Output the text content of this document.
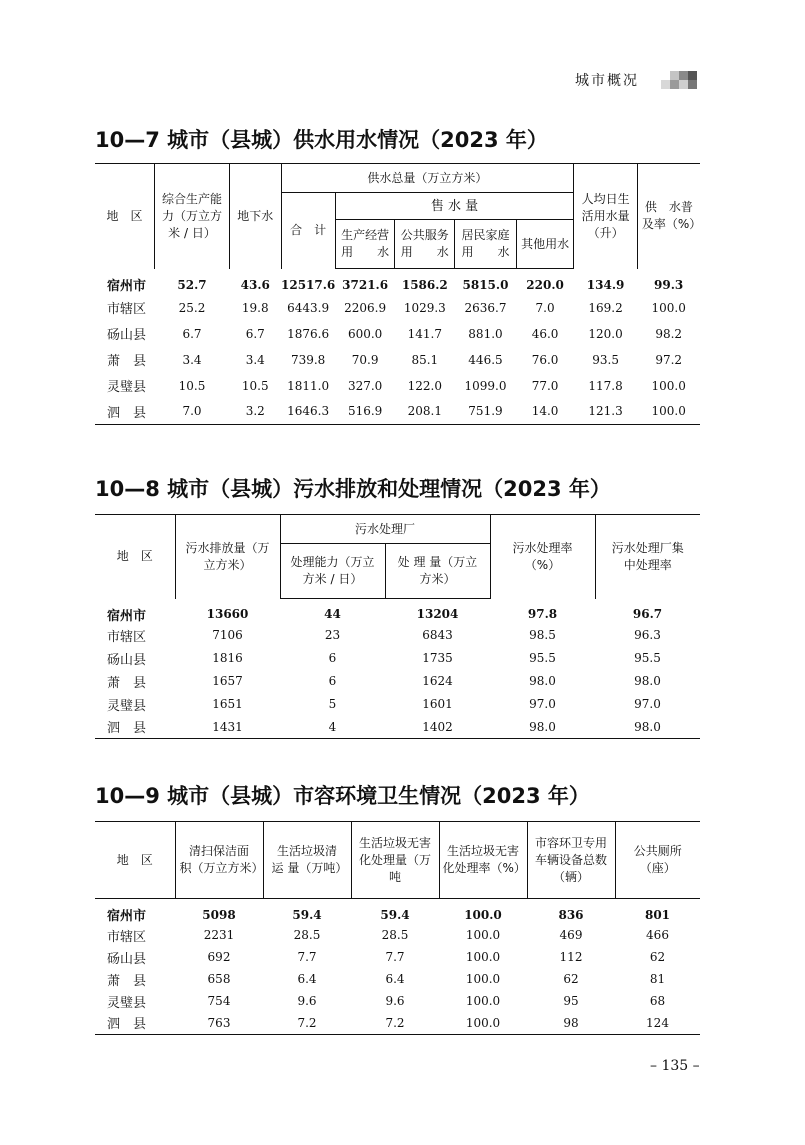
城市概况
10—7 城市（县城）供水用水情况（2023 年）
地　区	综合生产能力（万立方米 / 日）	地下水	供水总量（万立方米）					人均日生活用水量（升）	供　水普及率（%）
			合　计	售 水 量					
				生产经营用　　水	公共服务用　　水	居民家庭用　　水	其他用水		
宿州市	52.7	43.6	12517.6	3721.6	1586.2	5815.0	220.0	134.9	99.3
市辖区	25.2	19.8	6443.9	2206.9	1029.3	2636.7	7.0	169.2	100.0
砀山县	6.7	6.7	1876.6	600.0	141.7	881.0	46.0	120.0	98.2
萧　县	3.4	3.4	739.8	70.9	85.1	446.5	76.0	93.5	97.2
灵璧县	10.5	10.5	1811.0	327.0	122.0	1099.0	77.0	117.8	100.0
泗　县	7.0	3.2	1646.3	516.9	208.1	751.9	14.0	121.3	100.0
10—8 城市（县城）污水排放和处理情况（2023 年）
地　区	污水排放量（万立方米）	污水处理厂		污水处理率（%）	污水处理厂集中处理率
		处理能力（万立方米 / 日）	处 理 量（万立方米）		
宿州市	13660	44	13204	97.8	96.7
市辖区	7106	23	6843	98.5	96.3
砀山县	1816	6	1735	95.5	95.5
萧　县	1657	6	1624	98.0	98.0
灵璧县	1651	5	1601	97.0	97.0
泗　县	1431	4	1402	98.0	98.0
10—9 城市（县城）市容环境卫生情况（2023 年）
地　区	清扫保洁面　积（万立方米）	生活垃圾清 运 量（万吨）	生活垃圾无害化处理量（万吨	生活垃圾无害化处理率（%）	市容环卫专用车辆设备总数（辆）	公共厕所（座）
宿州市	5098	59.4	59.4	100.0	836	801
市辖区	2231	28.5	28.5	100.0	469	466
砀山县	692	7.7	7.7	100.0	112	62
萧　县	658	6.4	6.4	100.0	62	81
灵璧县	754	9.6	9.6	100.0	95	68
泗　县	763	7.2	7.2	100.0	98	124
– 135 –
